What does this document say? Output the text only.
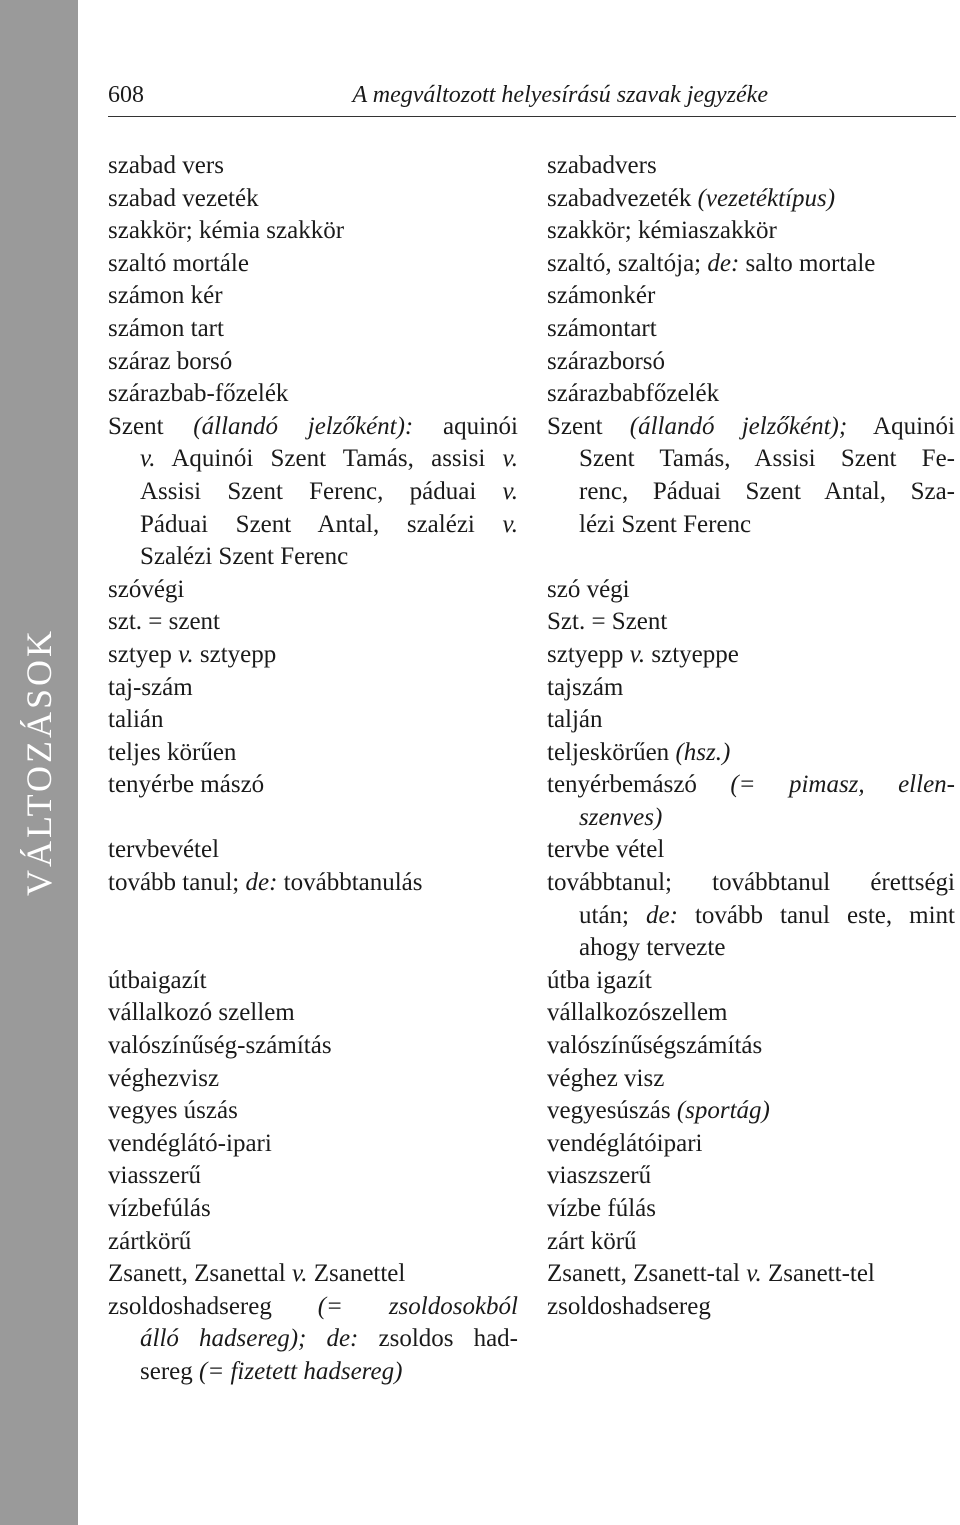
VÁLTOZÁSOK
608	A megváltozott helyesírású szavak jegyzéke
szabad vers
szabad vezeték
szakkör; kémia szakkör
szaltó mortále
számon kér
számon tart
száraz borsó
szárazbab-főzelék
Szent (állandó jelzőként): aquinói
v. Aquinói Szent Tamás, assisi v.
Assisi Szent Ferenc, páduai v.
Páduai Szent Antal, szalézi v.
Szalézi Szent Ferenc
szóvégi
szt. = szent
sztyep v. sztyepp
taj-szám
talián
teljes körűen
tenyérbe mászó
tervbevétel
tovább tanul; de: továbbtanulás
útbaigazít
vállalkozó szellem
valószínűség-számítás
véghezvisz
vegyes úszás
vendéglátó-ipari
viasszerű
vízbefúlás
zártkörű
Zsanett, Zsanettal v. Zsanettel
zsoldoshadsereg (= zsoldosokból
álló hadsereg); de: zsoldos had-
sereg (= fizetett hadsereg)
szabadvers
szabadvezeték (vezetéktípus)
szakkör; kémiaszakkör
szaltó, szaltója; de: salto mortale
számonkér
számontart
szárazborsó
szárazbabfőzelék
Szent (állandó jelzőként); Aquinói
Szent Tamás, Assisi Szent Fe-
renc, Páduai Szent Antal, Sza-
lézi Szent Ferenc
szó végi
Szt. = Szent
sztyepp v. sztyeppe
tajszám
talján
teljeskörűen (hsz.)
tenyérbemászó (= pimasz, ellen-
szenves)
tervbe vétel
továbbtanul; továbbtanul érettségi
után; de: tovább tanul este, mint
ahogy tervezte
útba igazít
vállalkozószellem
valószínűségszámítás
véghez visz
vegyesúszás (sportág)
vendéglátóipari
viaszszerű
vízbe fúlás
zárt körű
Zsanett, Zsanett-tal v. Zsanett-tel
zsoldoshadsereg
